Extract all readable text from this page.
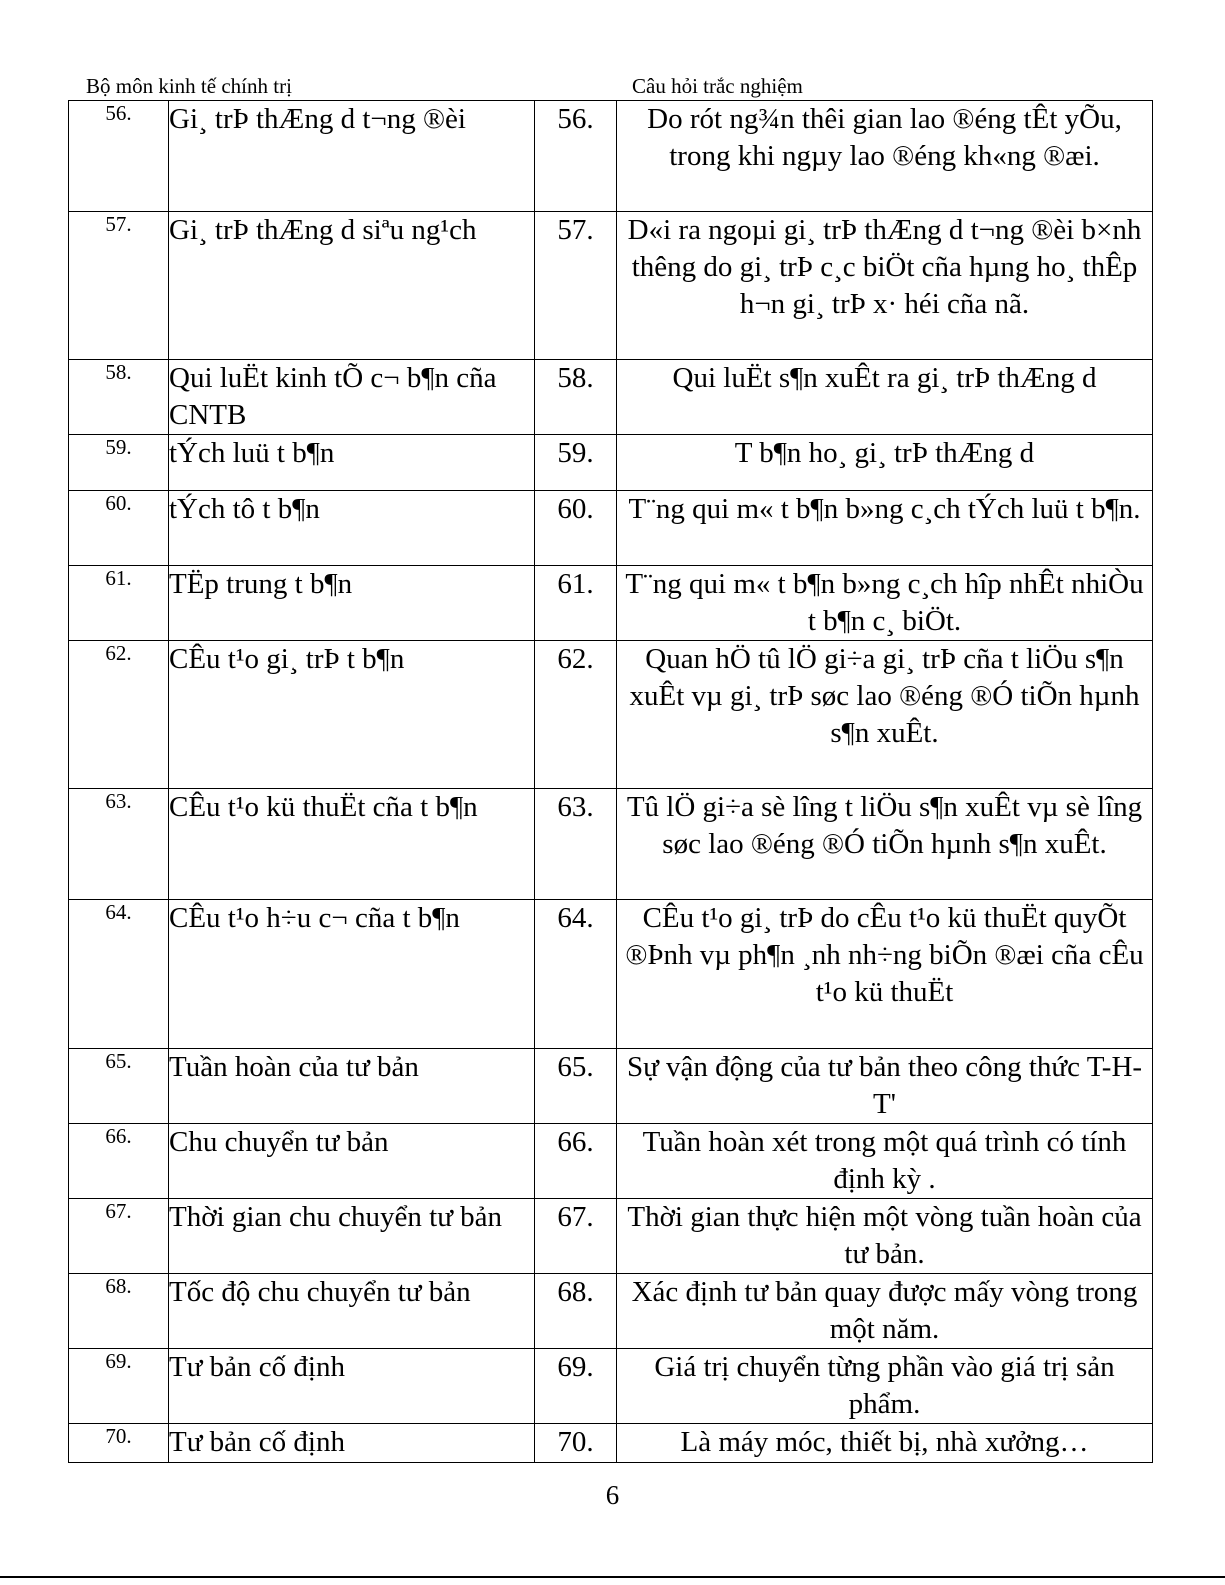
Bộ môn kinh tế chính trị	Câu hỏi trắc nghiệm
56.	Gi¸ trÞ thÆng d t¬ng ®èi	56.	Do rót ng¾n thêi gian lao ®éng tÊt yÕu, trong khi ngµy lao ®éng kh«ng ®æi.
57.	Gi¸ trÞ thÆng d siªu ng¹ch	57.	D«i ra ngoµi gi¸ trÞ thÆng d t¬ng ®èi b×nh thêng do gi¸ trÞ c¸c biÖt cña hµng ho¸ thÊp h¬n gi¸ trÞ x· héi cña nã.
58.	Qui luËt kinh tÕ c¬ b¶n cña CNTB	58.	Qui luËt s¶n xuÊt ra gi¸ trÞ thÆng d
59.	tÝch luü t b¶n	59.	T b¶n ho¸ gi¸ trÞ thÆng d
60.	tÝch tô t b¶n	60.	T¨ng qui m« t b¶n b»ng c¸ch tÝch luü t b¶n.
61.	TËp trung t b¶n	61.	T¨ng qui m« t b¶n b»ng c¸ch hîp nhÊt nhiÒu t b¶n c¸ biÖt.
62.	CÊu t¹o gi¸ trÞ t b¶n	62.	Quan hÖ tû lÖ gi÷a gi¸ trÞ cña t liÖu s¶n xuÊt vµ gi¸ trÞ søc lao ®éng ®Ó tiÕn hµnh s¶n xuÊt.
63.	CÊu t¹o kü thuËt cña t b¶n	63.	Tû lÖ gi÷a sè lîng t liÖu s¶n xuÊt vµ sè lîng søc lao ®éng ®Ó tiÕn hµnh s¶n xuÊt.
64.	CÊu t¹o h÷u c¬ cña t b¶n	64.	CÊu t¹o gi¸ trÞ do cÊu t¹o kü thuËt quyÕt ®Þnh vµ ph¶n ¸nh nh÷ng biÕn ®æi cña cÊu t¹o kü thuËt
65.	Tuần hoàn của tư bản	65.	Sự vận động của tư bản theo công thức T-H-T'
66.	Chu chuyển tư bản	66.	Tuần hoàn xét trong một quá trình có tính định kỳ .
67.	Thời gian chu chuyển tư bản	67.	Thời gian thực hiện một vòng tuần hoàn của tư bản.
68.	Tốc độ chu chuyển tư bản	68.	Xác định tư bản quay được mấy vòng trong một năm.
69.	Tư bản cố định	69.	Giá trị chuyển từng phần vào giá trị sản phẩm.
70.	Tư bản cố định	70.	Là máy móc, thiết bị, nhà xưởng…
6
